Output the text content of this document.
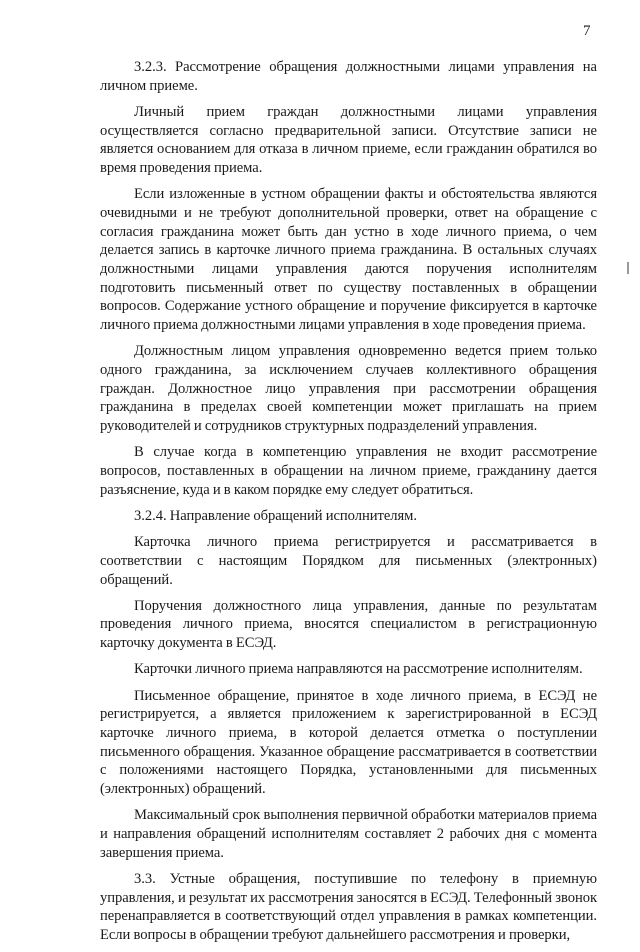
7

3.2.3. Рассмотрение обращения должностными лицами управления на личном приеме.

Личный прием граждан должностными лицами управления осуществляется согласно предварительной записи. Отсутствие записи не является основанием для отказа в личном приеме, если гражданин обратился во время проведения приема.

Если изложенные в устном обращении факты и обстоятельства являются очевидными и не требуют дополнительной проверки, ответ на обращение с согласия гражданина может быть дан устно в ходе личного приема, о чем делается запись в карточке личного приема гражданина. В остальных случаях должностными лицами управления даются поручения исполнителям подготовить письменный ответ по существу поставленных в обращении вопросов. Содержание устного обращение и поручение фиксируется в карточке личного приема должностными лицами управления в ходе проведения приема.

Должностным лицом управления одновременно ведется прием только одного гражданина, за исключением случаев коллективного обращения граждан. Должностное лицо управления при рассмотрении обращения гражданина в пределах своей компетенции может приглашать на прием руководителей и сотрудников структурных подразделений управления.

В случае когда в компетенцию управления не входит рассмотрение вопросов, поставленных в обращении на личном приеме, гражданину дается разъяснение, куда и в каком порядке ему следует обратиться.

3.2.4. Направление обращений исполнителям.

Карточка личного приема регистрируется и рассматривается в соответствии с настоящим Порядком для письменных (электронных) обращений.

Поручения должностного лица управления, данные по результатам проведения личного приема, вносятся специалистом в регистрационную карточку документа в ЕСЭД.

Карточки личного приема направляются на рассмотрение исполнителям.

Письменное обращение, принятое в ходе личного приема, в ЕСЭД не регистрируется, а является приложением к зарегистрированной в ЕСЭД карточке личного приема, в которой делается отметка о поступлении письменного обращения. Указанное обращение рассматривается в соответствии с положениями настоящего Порядка, установленными для письменных (электронных) обращений.

Максимальный срок выполнения первичной обработки материалов приема и направления обращений исполнителям составляет 2 рабочих дня с момента завершения приема.

3.3. Устные обращения, поступившие по телефону в приемную управления, и результат их рассмотрения заносятся в ЕСЭД. Телефонный звонок перенаправляется в соответствующий отдел управления в рамках компетенции. Если вопросы в обращении требуют дальнейшего рассмотрения и проверки,
